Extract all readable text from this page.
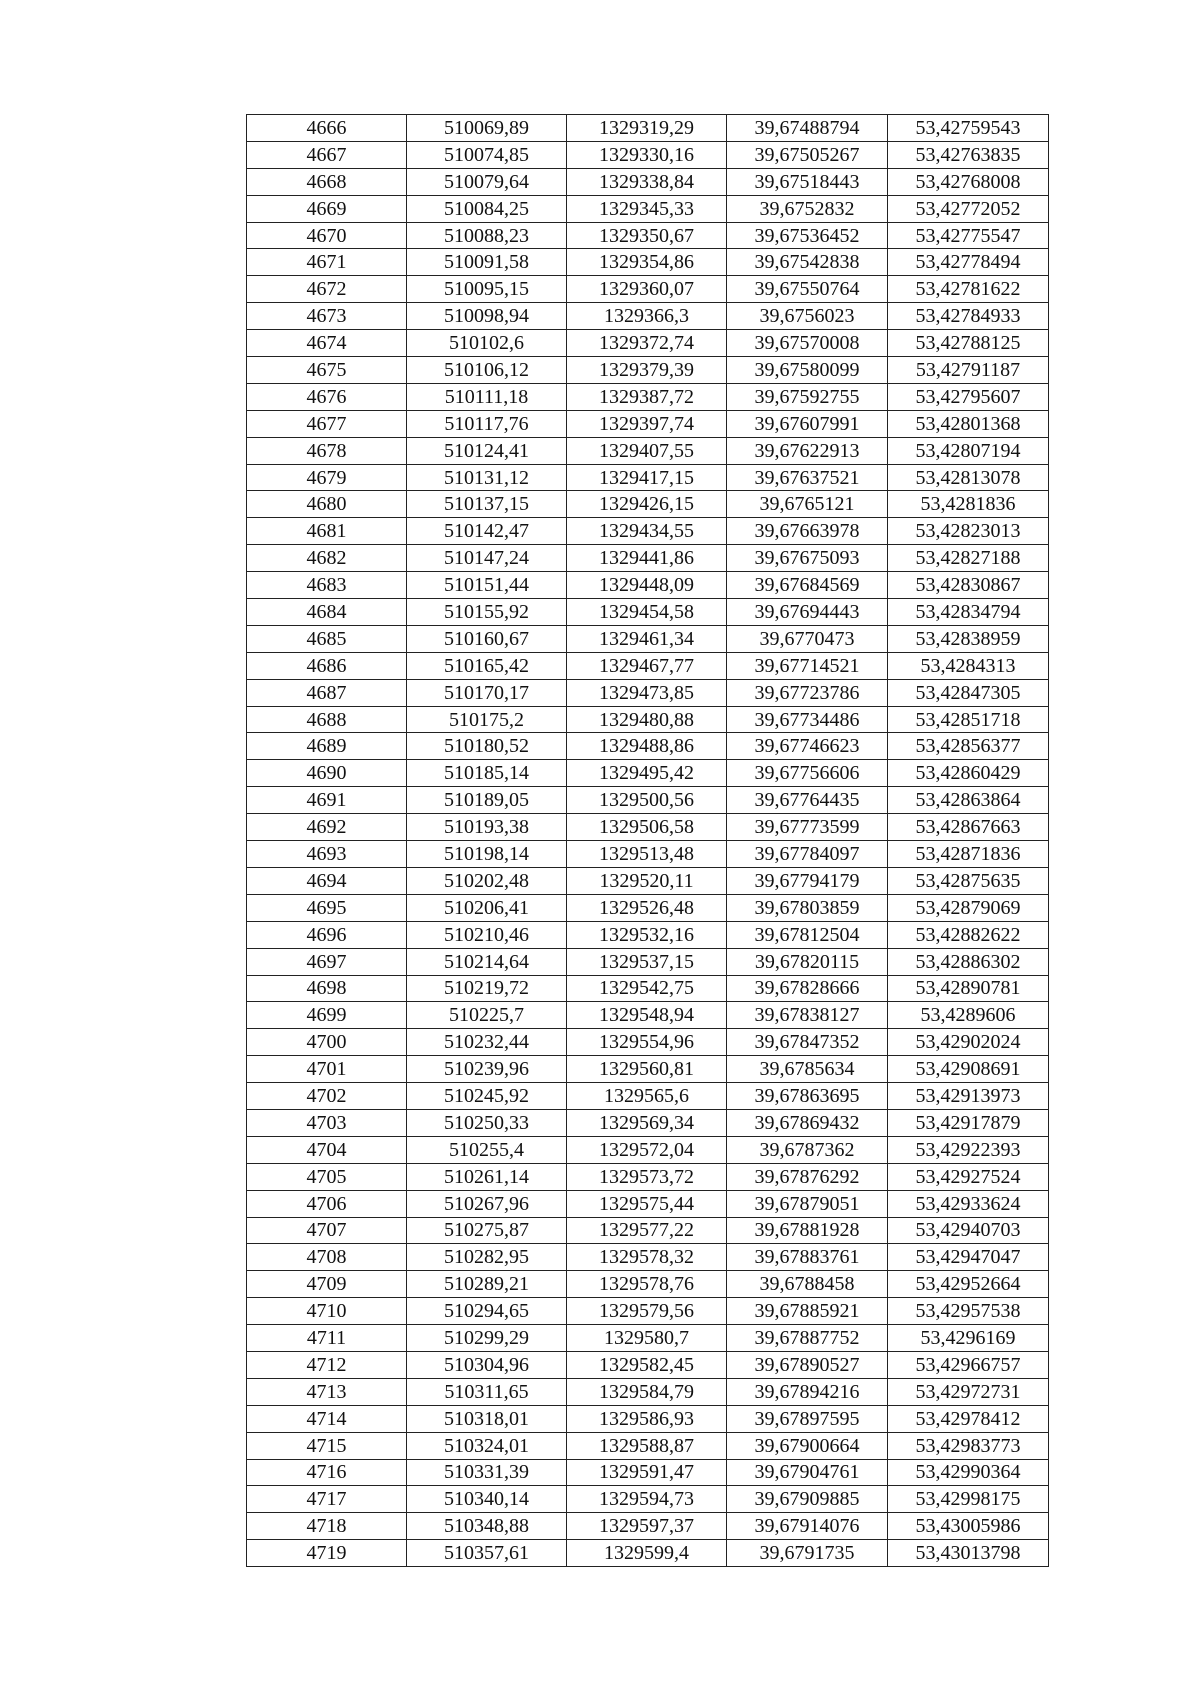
4666	510069,89	1329319,29	39,67488794	53,42759543
4667	510074,85	1329330,16	39,67505267	53,42763835
4668	510079,64	1329338,84	39,67518443	53,42768008
4669	510084,25	1329345,33	39,6752832	53,42772052
4670	510088,23	1329350,67	39,67536452	53,42775547
4671	510091,58	1329354,86	39,67542838	53,42778494
4672	510095,15	1329360,07	39,67550764	53,42781622
4673	510098,94	1329366,3	39,6756023	53,42784933
4674	510102,6	1329372,74	39,67570008	53,42788125
4675	510106,12	1329379,39	39,67580099	53,42791187
4676	510111,18	1329387,72	39,67592755	53,42795607
4677	510117,76	1329397,74	39,67607991	53,42801368
4678	510124,41	1329407,55	39,67622913	53,42807194
4679	510131,12	1329417,15	39,67637521	53,42813078
4680	510137,15	1329426,15	39,6765121	53,4281836
4681	510142,47	1329434,55	39,67663978	53,42823013
4682	510147,24	1329441,86	39,67675093	53,42827188
4683	510151,44	1329448,09	39,67684569	53,42830867
4684	510155,92	1329454,58	39,67694443	53,42834794
4685	510160,67	1329461,34	39,6770473	53,42838959
4686	510165,42	1329467,77	39,67714521	53,4284313
4687	510170,17	1329473,85	39,67723786	53,42847305
4688	510175,2	1329480,88	39,67734486	53,42851718
4689	510180,52	1329488,86	39,67746623	53,42856377
4690	510185,14	1329495,42	39,67756606	53,42860429
4691	510189,05	1329500,56	39,67764435	53,42863864
4692	510193,38	1329506,58	39,67773599	53,42867663
4693	510198,14	1329513,48	39,67784097	53,42871836
4694	510202,48	1329520,11	39,67794179	53,42875635
4695	510206,41	1329526,48	39,67803859	53,42879069
4696	510210,46	1329532,16	39,67812504	53,42882622
4697	510214,64	1329537,15	39,67820115	53,42886302
4698	510219,72	1329542,75	39,67828666	53,42890781
4699	510225,7	1329548,94	39,67838127	53,4289606
4700	510232,44	1329554,96	39,67847352	53,42902024
4701	510239,96	1329560,81	39,6785634	53,42908691
4702	510245,92	1329565,6	39,67863695	53,42913973
4703	510250,33	1329569,34	39,67869432	53,42917879
4704	510255,4	1329572,04	39,6787362	53,42922393
4705	510261,14	1329573,72	39,67876292	53,42927524
4706	510267,96	1329575,44	39,67879051	53,42933624
4707	510275,87	1329577,22	39,67881928	53,42940703
4708	510282,95	1329578,32	39,67883761	53,42947047
4709	510289,21	1329578,76	39,6788458	53,42952664
4710	510294,65	1329579,56	39,67885921	53,42957538
4711	510299,29	1329580,7	39,67887752	53,4296169
4712	510304,96	1329582,45	39,67890527	53,42966757
4713	510311,65	1329584,79	39,67894216	53,42972731
4714	510318,01	1329586,93	39,67897595	53,42978412
4715	510324,01	1329588,87	39,67900664	53,42983773
4716	510331,39	1329591,47	39,67904761	53,42990364
4717	510340,14	1329594,73	39,67909885	53,42998175
4718	510348,88	1329597,37	39,67914076	53,43005986
4719	510357,61	1329599,4	39,6791735	53,43013798
